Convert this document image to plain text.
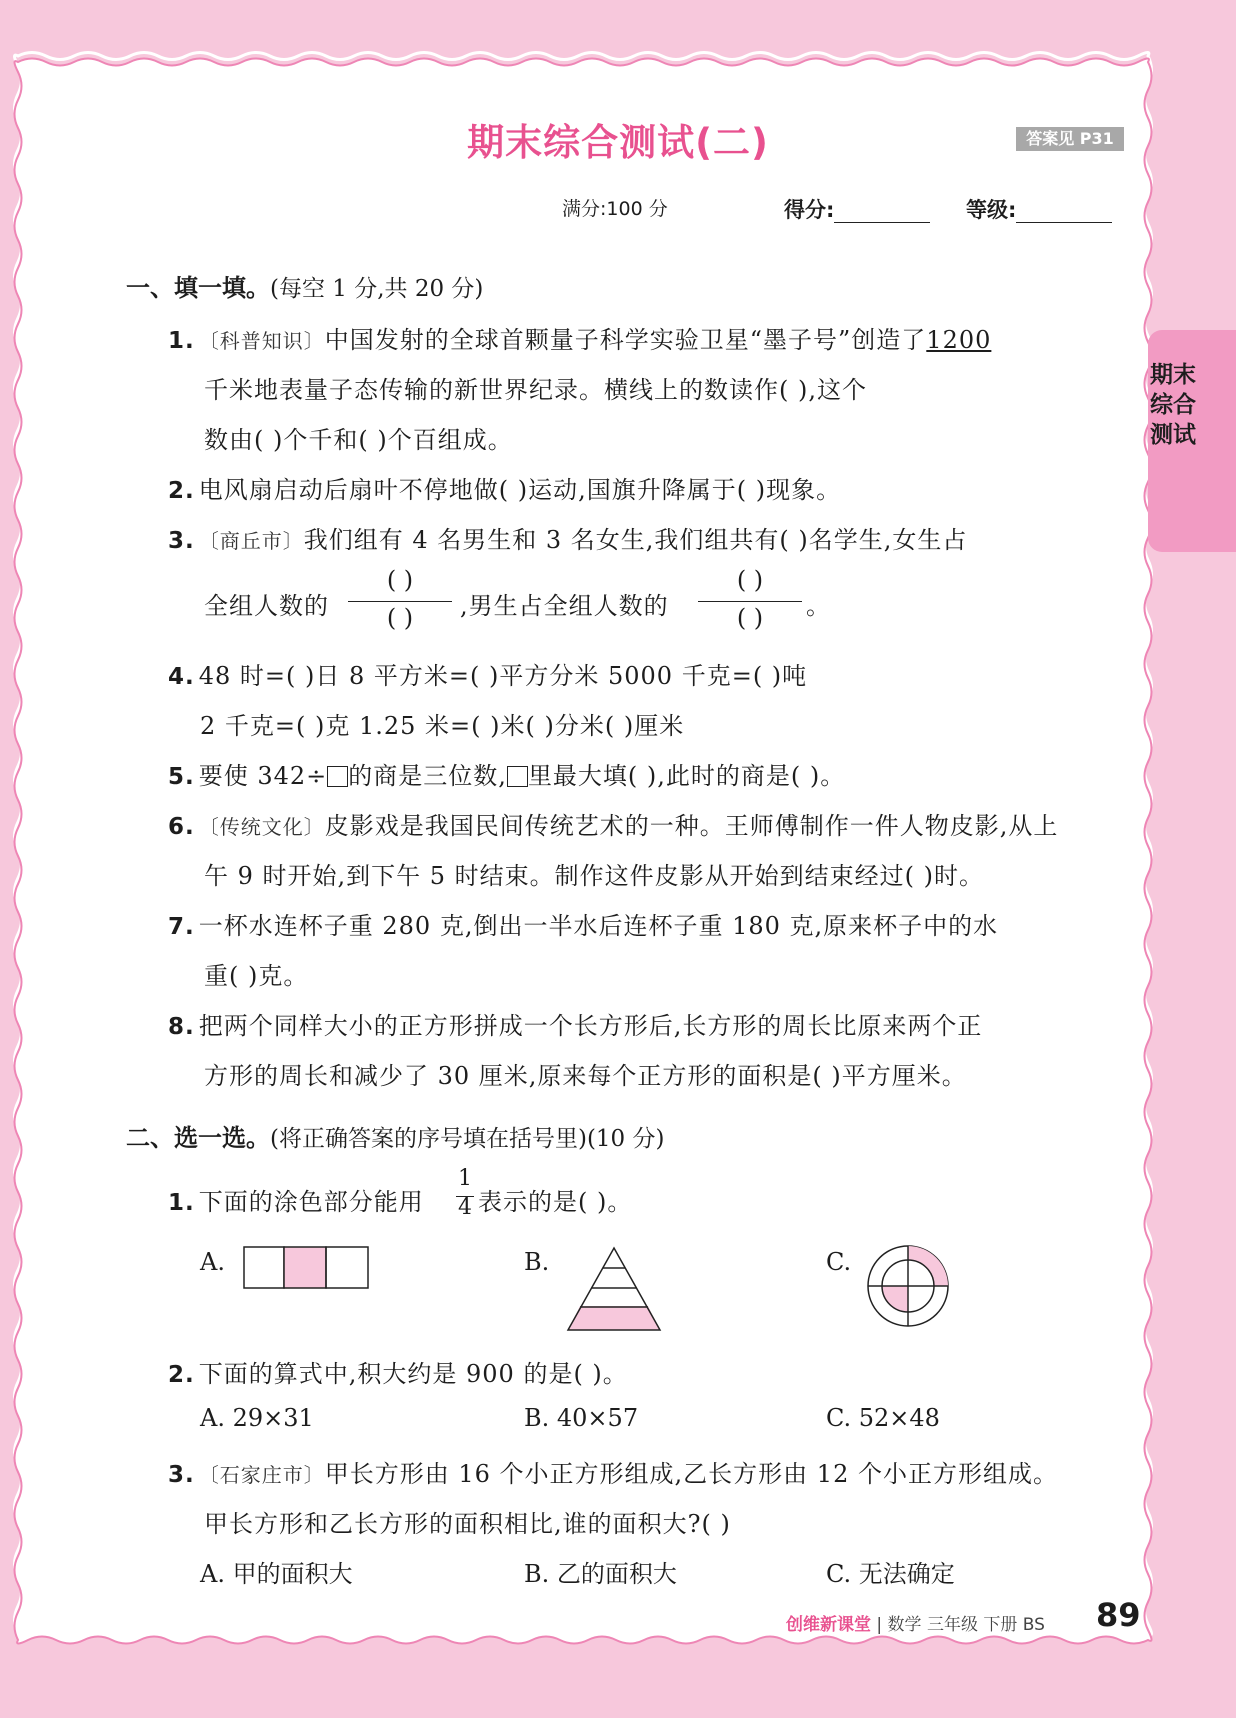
期末综合测试(二)	答案见 P31
满分:100 分	得分:	等级:
期末综合测试
一、填一填。(每空 1 分,共 20 分)
1. 〔科普知识〕中国发射的全球首颗量子科学实验卫星“墨子号”创造了1200
千米地表量子态传输的新世界纪录。横线上的数读作( ),这个
数由( )个千和( )个百组成。
2. 电风扇启动后扇叶不停地做( )运动,国旗升降属于( )现象。
3. 〔商丘市〕我们组有 4 名男生和 3 名女生,我们组共有( )名学生,女生占
全组人数的
( )
( )	,男生占全组人数的
( )
( )	。
4. 48 时=( )日 8 平方米=( )平方分米 5000 千克=( )吨
2 千克=( )克 1.25 米=( )米( )分米( )厘米
5. 要使 342÷ 的商是三位数, 里最大填( ),此时的商是( )。
6. 〔传统文化〕皮影戏是我国民间传统艺术的一种。王师傅制作一件人物皮影,从上
午 9 时开始,到下午 5 时结束。制作这件皮影从开始到结束经过( )时。
7. 一杯水连杯子重 280 克,倒出一半水后连杯子重 180 克,原来杯子中的水
重( )克。
8. 把两个同样大小的正方形拼成一个长方形后,长方形的周长比原来两个正
方形的周长和减少了 30 厘米,原来每个正方形的面积是( )平方厘米。
二、选一选。(将正确答案的序号填在括号里)(10 分)
1. 下面的涂色部分能用
1
4 表示的是( )。
A.	B.	C.
2. 下面的算式中,积大约是 900 的是( )。
A. 29×31	B. 40×57	C. 52×48
3. 〔石家庄市〕甲长方形由 16 个小正方形组成,乙长方形由 12 个小正方形组成。
甲长方形和乙长方形的面积相比,谁的面积大?( )
A. 甲的面积大	B. 乙的面积大	C. 无法确定
创维新课堂 | 数学 三年级 下册 BS 89
